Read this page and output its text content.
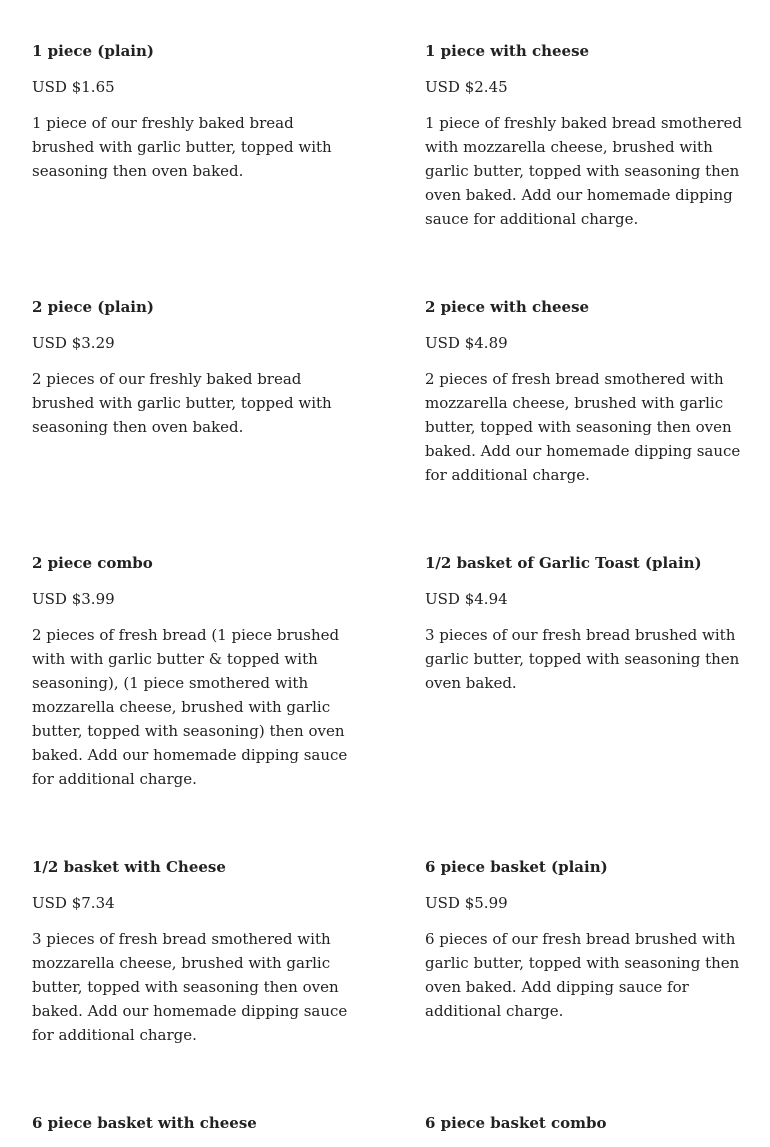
1 piece (plain)
USD $1.65
1 piece of our freshly baked bread brushed with garlic butter, topped with seasoning then oven baked.
1 piece with cheese
USD $2.45
1 piece of freshly baked bread smothered with mozzarella cheese, brushed with garlic butter, topped with seasoning then oven baked. Add our homemade dipping sauce for additional charge.
2 piece (plain)
USD $3.29
2 pieces of our freshly baked bread brushed with garlic butter, topped with seasoning then oven baked.
2 piece with cheese
USD $4.89
2 pieces of fresh bread smothered with mozzarella cheese, brushed with garlic butter, topped with seasoning then oven baked. Add our homemade dipping sauce for additional charge.
2 piece combo
USD $3.99
2 pieces of fresh bread (1 piece brushed with with garlic butter & topped with seasoning), (1 piece smothered with mozzarella cheese, brushed with garlic butter, topped with seasoning) then oven baked. Add our homemade dipping sauce for additional charge.
1/2 basket of Garlic Toast (plain)
USD $4.94
3 pieces of our fresh bread brushed with garlic butter, topped with seasoning then oven baked.
1/2 basket with Cheese
USD $7.34
3 pieces of fresh bread smothered with mozzarella cheese, brushed with garlic butter, topped with seasoning then oven baked. Add our homemade dipping sauce for additional charge.
6 piece basket (plain)
USD $5.99
6 pieces of our fresh bread brushed with garlic butter, topped with seasoning then oven baked. Add dipping sauce for additional charge.
6 piece basket with cheese	6 piece basket combo
